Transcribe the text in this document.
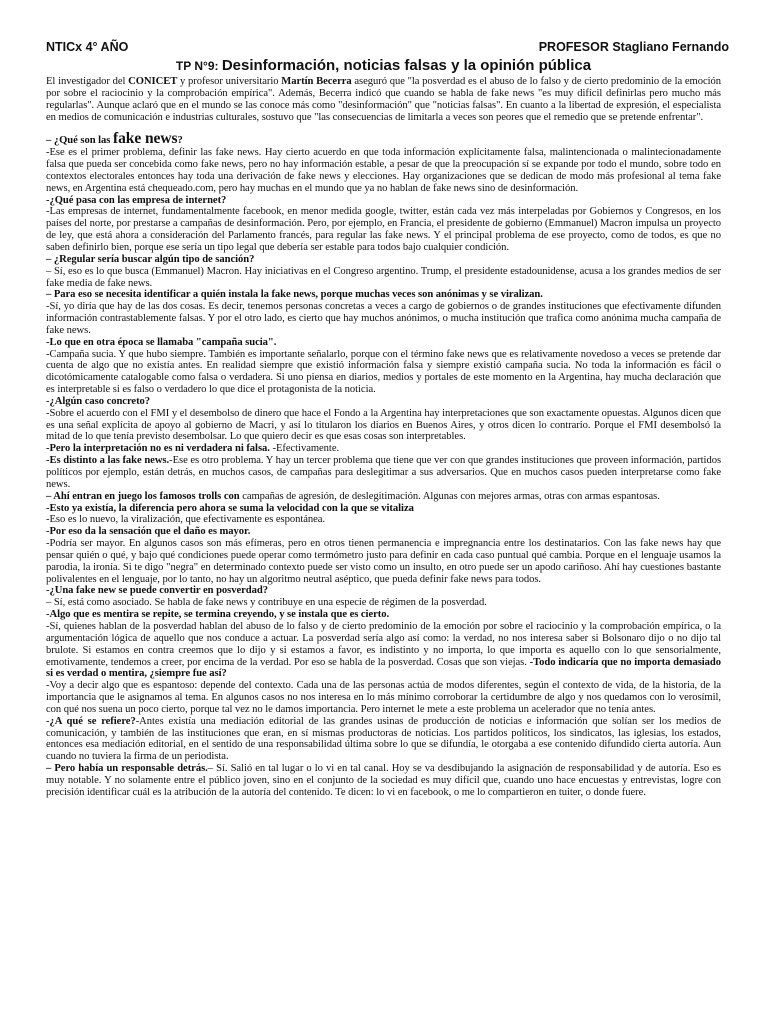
NTICx 4° AÑO	PROFESOR Stagliano Fernando
TP N°9: Desinformación, noticias falsas y la opinión pública

El investigador del CONICET y profesor universitario Martín Becerra aseguró que "la posverdad es el abuso de lo falso y de cierto predominio de la emoción por sobre el raciocinio y la comprobación empírica". Además, Becerra indicó que cuando se habla de fake news "es muy difícil definirlas pero mucho más regularlas". Aunque aclaró que en el mundo se las conoce más como "desinformación" que "noticias falsas". En cuanto a la libertad de expresión, el especialista en medios de comunicación e industrias culturales, sostuvo que "las consecuencias de limitarla a veces son peores que el remedio que se pretende enfrentar".

– ¿Qué son las fake news?

-Ese es el primer problema, definir las fake news. Hay cierto acuerdo en que toda información explícitamente falsa, malintencionada o malintecionadamente falsa que pueda ser concebida como fake news, pero no hay información estable, a pesar de que la preocupación sí se expande por todo el mundo, sobre todo en contextos electorales entonces hay toda una derivación de fake news y elecciones. Hay organizaciones que se dedican de modo más profesional al tema fake news, en Argentina está chequeado.com, pero hay muchas en el mundo que ya no hablan de fake news sino de desinformación.

-¿Qué pasa con las empresa de internet?

-Las empresas de internet, fundamentalmente facebook, en menor medida google, twitter, están cada vez más interpeladas por Gobiernos y Congresos, en los países del norte, por prestarse a campañas de desinformación. Pero, por ejemplo, en Francia, el presidente de gobierno (Emmanuel) Macron impulsa un proyecto de ley, que está ahora a consideración del Parlamento francés, para regular las fake news. Y el principal problema de ese proyecto, como de todos, es que no saben definirlo bien, porque ese sería un tipo legal que debería ser estable para todos bajo cualquier condición.

– ¿Regular sería buscar algún tipo de sanción?

– Sí, eso es lo que busca (Emmanuel) Macron. Hay iniciativas en el Congreso argentino. Trump, el presidente estadounidense, acusa a los grandes medios de ser fake media de fake news.

– Para eso se necesita identificar a quién instala la fake news, porque muchas veces son anónimas y se viralizan.

-Sí, yo diría que hay de las dos cosas. Es decir, tenemos personas concretas a veces a cargo de gobiernos o de grandes instituciones que efectivamente difunden información contrastablemente falsas. Y por el otro lado, es cierto que hay muchos anónimos, o mucha institución que trafica como anónima mucha campaña de fake news.

-Lo que en otra época se llamaba "campaña sucia".

-Campaña sucia. Y que hubo siempre. También es importante señalarlo, porque con el término fake news que es relativamente novedoso a veces se pretende dar cuenta de algo que no existía antes. En realidad siempre que existió información falsa y siempre existió campaña sucia. No toda la información es fácil o dicotómicamente catalogable como falsa o verdadera. Si uno piensa en diarios, medios y portales de este momento en la Argentina, hay mucha declaración que es interpretable si es falso o verdadero lo que dice el protagonista de la noticia.

-¿Algún caso concreto?

-Sobre el acuerdo con el FMI y el desembolso de dinero que hace el Fondo a la Argentina hay interpretaciones que son exactamente opuestas. Algunos dicen que es una señal explícita de apoyo al gobierno de Macri, y así lo titularon los diarios en Buenos Aires, y otros dicen lo contrario. Porque el FMI desembolsó la mitad de lo que tenía previsto desembolsar. Lo que quiero decir es que esas cosas son interpretables.

-Pero la interpretación no es ni verdadera ni falsa. -Efectivamente.

-Es distinto a las fake news.-Ese es otro problema. Y hay un tercer problema que tiene que ver con que grandes instituciones que proveen información, partidos políticos por ejemplo, están detrás, en muchos casos, de campañas para deslegitimar a sus adversarios. Que en muchos casos pueden interpretarse como fake news.

– Ahí entran en juego los famosos trolls con campañas de agresión, de deslegitimación. Algunas con mejores armas, otras con armas espantosas.

-Esto ya existía, la diferencia pero ahora se suma la velocidad con la que se vitaliza

-Eso es lo nuevo, la viralización, que efectivamente es espontánea.

-Por eso da la sensación que el daño es mayor.

-Podría ser mayor. En algunos casos son más efímeras, pero en otros tienen permanencia e impregnancia entre los destinatarios. Con las fake news hay que pensar quién o qué, y bajo qué condiciones puede operar como termómetro justo para definir en cada caso puntual qué cambia. Porque en el lenguaje usamos la parodia, la ironía. Si te digo "negra" en determinado contexto puede ser visto como un insulto, en otro puede ser un apodo cariñoso. Ahí hay cuestiones bastante polivalentes en el lenguaje, por lo tanto, no hay un algoritmo neutral aséptico, que pueda definir fake news para todos.

-¿Una fake new se puede convertir en posverdad?

– Sí, está como asociado. Se habla de fake news y contribuye en una especie de régimen de la posverdad.

-Algo que es mentira se repite, se termina creyendo, y se instala que es cierto.

-Sí, quienes hablan de la posverdad hablan del abuso de lo falso y de cierto predominio de la emoción por sobre el raciocinio y la comprobación empírica, o la argumentación lógica de aquello que nos conduce a actuar. La posverdad sería algo así como: la verdad, no nos interesa saber si Bolsonaro dijo o no dijo tal brulote. Si estamos en contra creemos que lo dijo y si estamos a favor, es indistinto y no importa, lo que importa es aquello con lo que sensorialmente, emotivamente, tendemos a creer, por encima de la verdad. Por eso se habla de la posverdad. Cosas que son viejas. -Todo indicaría que no importa demasiado si es verdad o mentira, ¿siempre fue así?

-Voy a decir algo que es espantoso: depende del contexto. Cada una de las personas actúa de modos diferentes, según el contexto de vida, de la historia, de la importancia que le asignamos al tema. En algunos casos no nos interesa en lo más mínimo corroborar la certidumbre de algo y nos quedamos con lo verosímil, con qué nos suena un poco cierto, porque tal vez no le damos importancia. Pero internet le mete a este problema un acelerador que no tenía antes.

-¿A qué se refiere?-Antes existía una mediación editorial de las grandes usinas de producción de noticias e información que solían ser los medios de comunicación, y también de las instituciones que eran, en sí mismas productoras de noticias. Los partidos políticos, los sindicatos, las iglesias, los estados, entonces esa mediación editorial, en el sentido de una responsabilidad última sobre lo que se difundía, le otorgaba a ese contenido difundido cierta autoría. Aun cuando no tuviera la firma de un periodista.

– Pero había un responsable detrás.– Sí. Salió en tal lugar o lo vi en tal canal. Hoy se va desdibujando la asignación de responsabilidad y de autoría. Eso es muy notable. Y no solamente entre el público joven, sino en el conjunto de la sociedad es muy difícil que, cuando uno hace encuestas y entrevistas, logre con precisión identificar cuál es la atribución de la autoría del contenido. Te dicen: lo vi en facebook, o me lo compartieron en tuiter, o donde fuere.
